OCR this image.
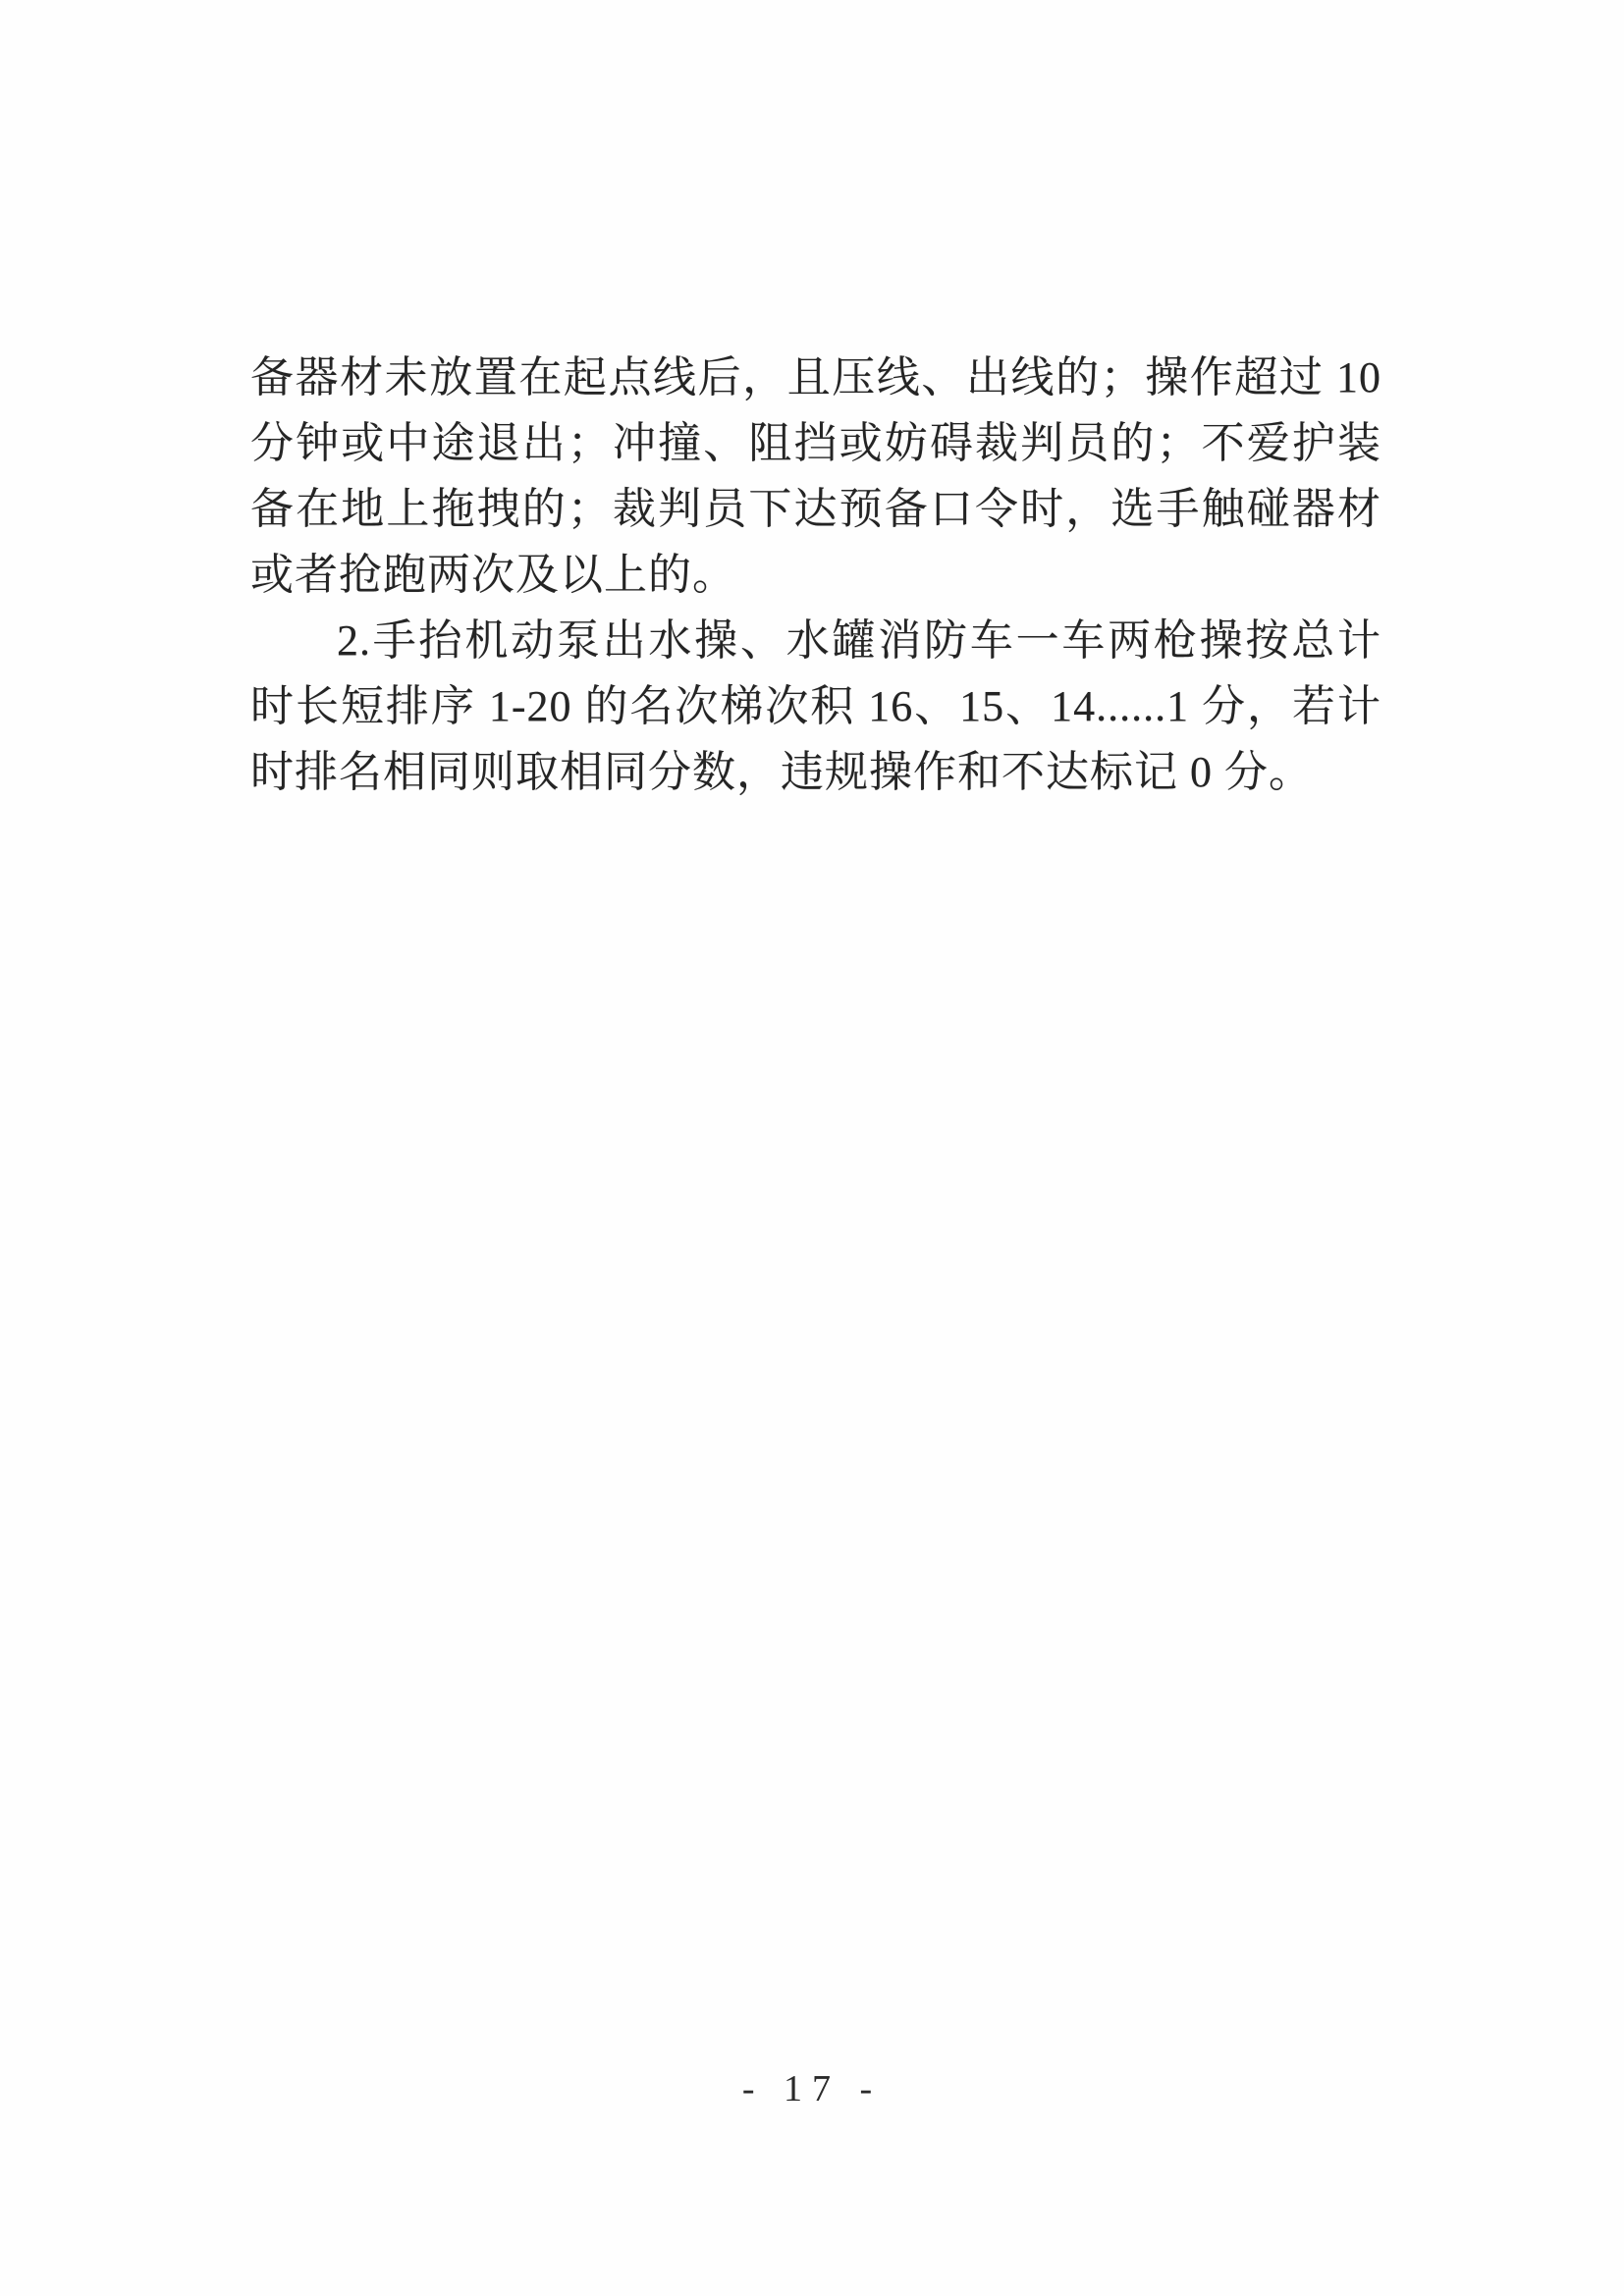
备器材未放置在起点线后，且压线、出线的；操作超过 10 分钟或中途退出；冲撞、阻挡或妨碍裁判员的；不爱护装备在地上拖拽的；裁判员下达预备口令时，选手触碰器材或者抢跑两次及以上的。

2.手抬机动泵出水操、水罐消防车一车两枪操按总计时长短排序 1-20 的名次梯次积 16、15、14......1 分，若计时排名相同则取相同分数，违规操作和不达标记 0 分。

- 17 -
